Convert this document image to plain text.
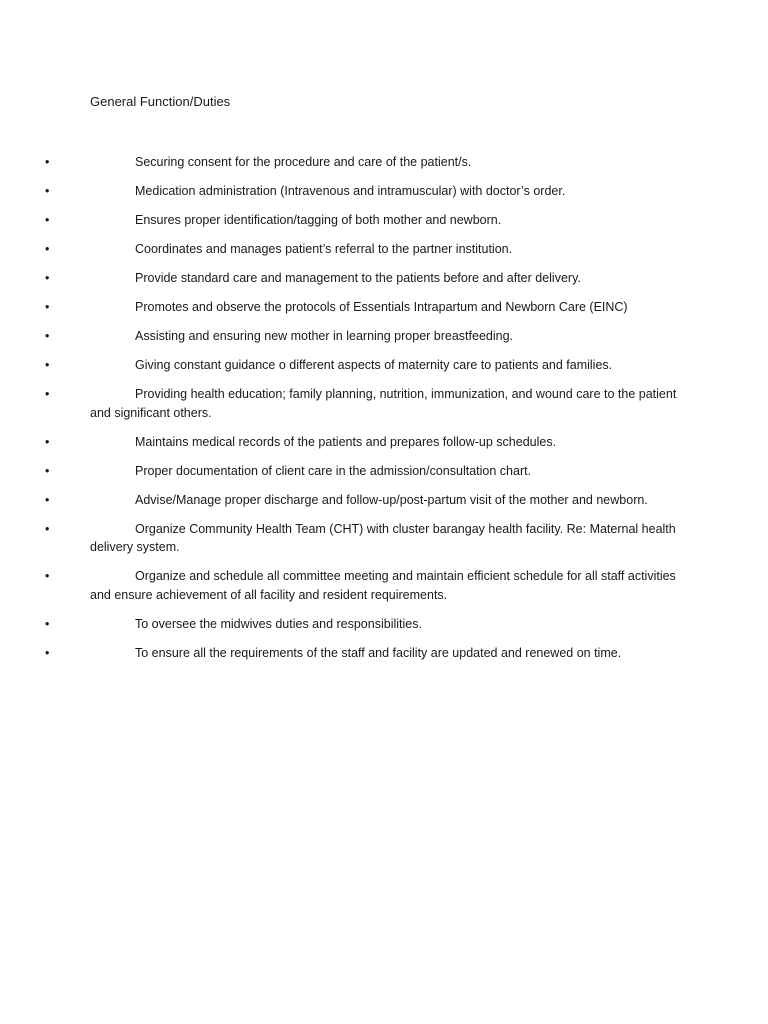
General Function/Duties
•	Securing consent for the procedure and care of the patient/s.
•	Medication administration (Intravenous and intramuscular) with doctor’s order.
•	Ensures proper identification/tagging of both mother and newborn.
•	Coordinates and manages patient’s referral to the partner institution.
•	Provide standard care and management to the patients before and after delivery.
•	Promotes and observe the protocols of Essentials Intrapartum and Newborn Care (EINC)
•	Assisting and ensuring new mother in learning proper breastfeeding.
•	Giving constant guidance o different aspects of maternity care to patients and families.
•	Providing health education; family planning, nutrition, immunization, and wound care to the patient and significant others.
•	Maintains medical records of the patients and prepares follow-up schedules.
•	Proper documentation of client care in the admission/consultation chart.
•	Advise/Manage proper discharge and follow-up/post-partum visit of the mother and newborn.
•	Organize Community Health Team (CHT) with cluster barangay health facility. Re: Maternal health delivery system.
•	Organize and schedule all committee meeting and maintain efficient schedule for all staff activities and ensure achievement of all facility and resident requirements.
•	To oversee the midwives duties and responsibilities.
•	To ensure all the requirements of the staff and facility are updated and renewed on time.
